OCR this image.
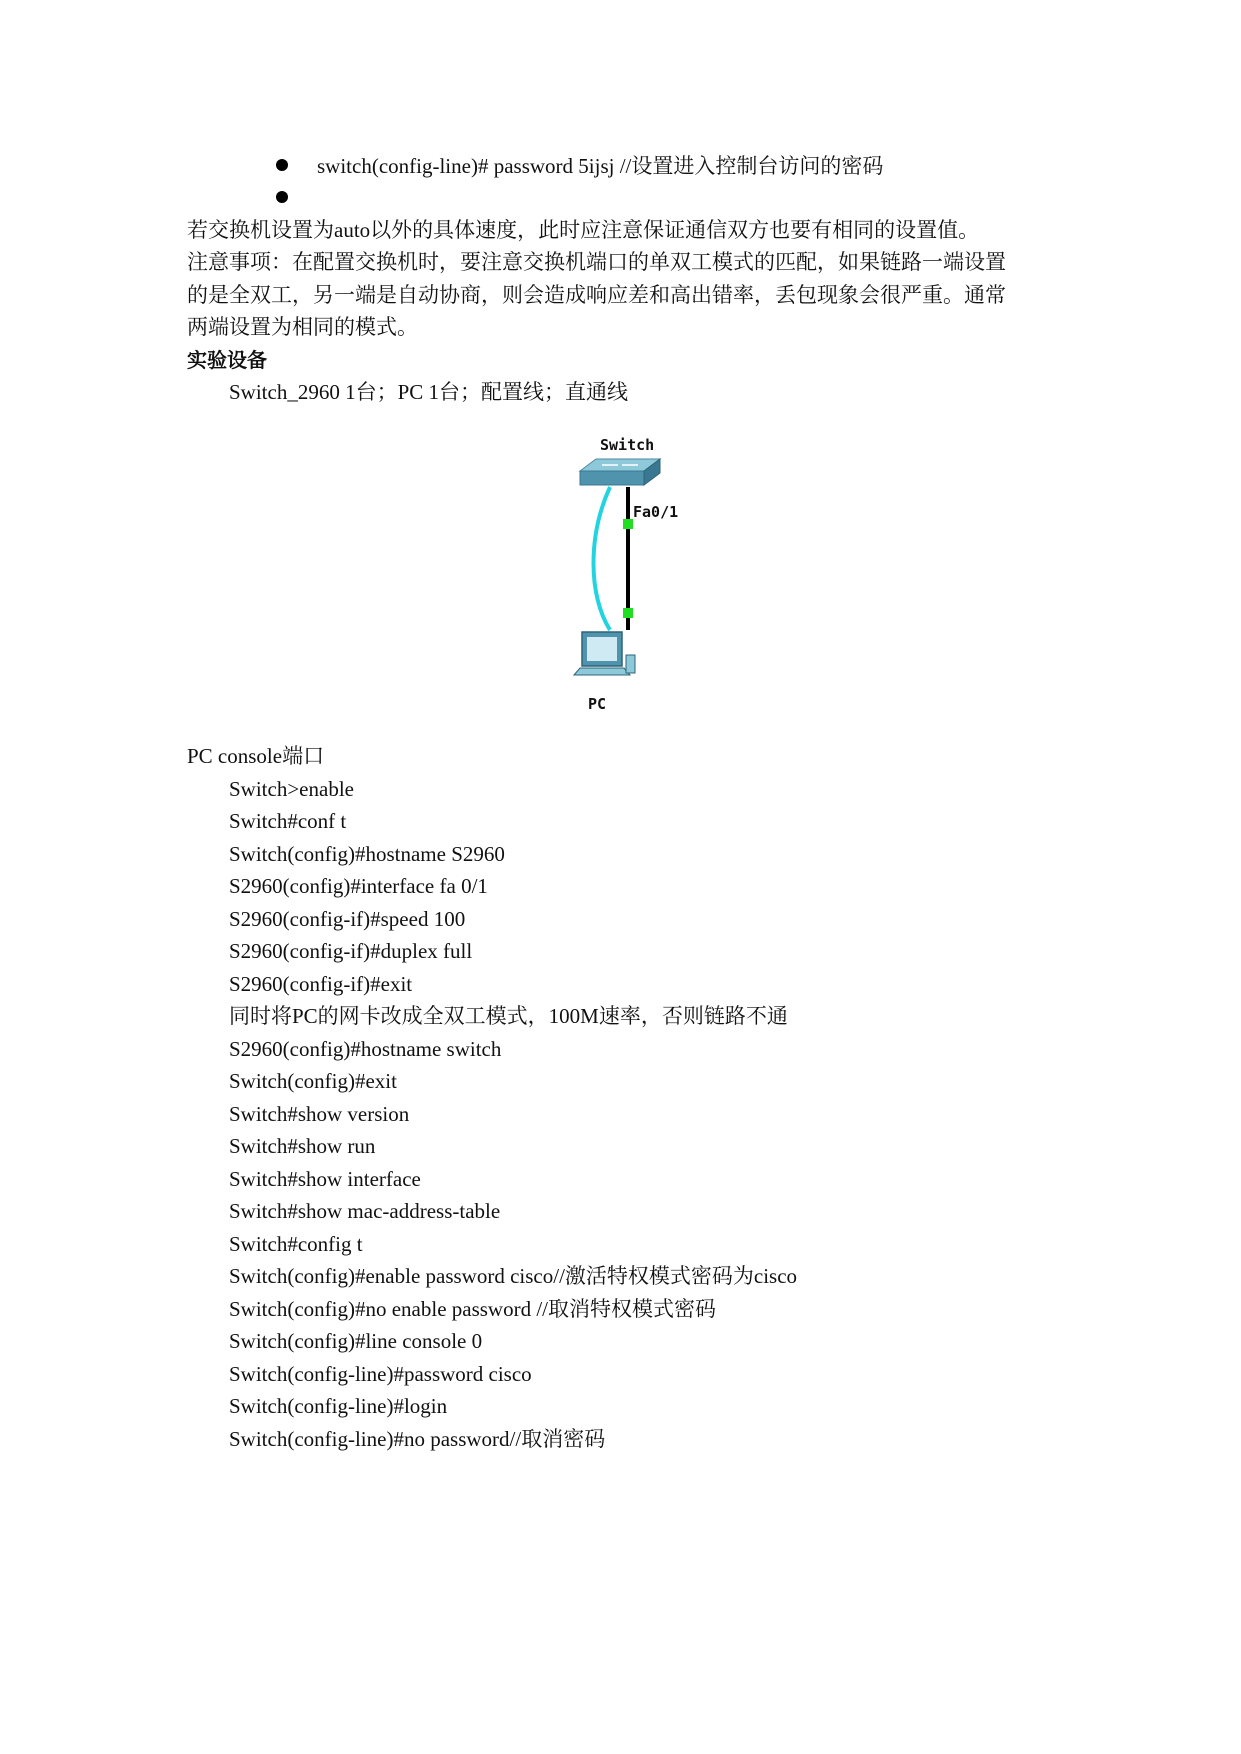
switch(config-line)# password 5ijsj //设置进入控制台访问的密码
若交换机设置为auto以外的具体速度，此时应注意保证通信双方也要有相同的设置值。
注意事项：在配置交换机时，要注意交换机端口的单双工模式的匹配，如果链路一端设置
的是全双工，另一端是自动协商，则会造成响应差和高出错率，丢包现象会很严重。通常
两端设置为相同的模式。
实验设备
Switch_2960 1台；PC 1台；配置线；直通线
Switch
Fa0/1
PC
PC console端口
Switch>enable
Switch#conf t
Switch(config)#hostname S2960
S2960(config)#interface fa 0/1
S2960(config-if)#speed 100
S2960(config-if)#duplex full
S2960(config-if)#exit
同时将PC的网卡改成全双工模式，100M速率，否则链路不通
S2960(config)#hostname switch
Switch(config)#exit
Switch#show version
Switch#show run
Switch#show interface
Switch#show mac-address-table
Switch#config t
Switch(config)#enable password cisco//激活特权模式密码为cisco
Switch(config)#no enable password //取消特权模式密码
Switch(config)#line console 0
Switch(config-line)#password cisco
Switch(config-line)#login
Switch(config-line)#no password//取消密码
